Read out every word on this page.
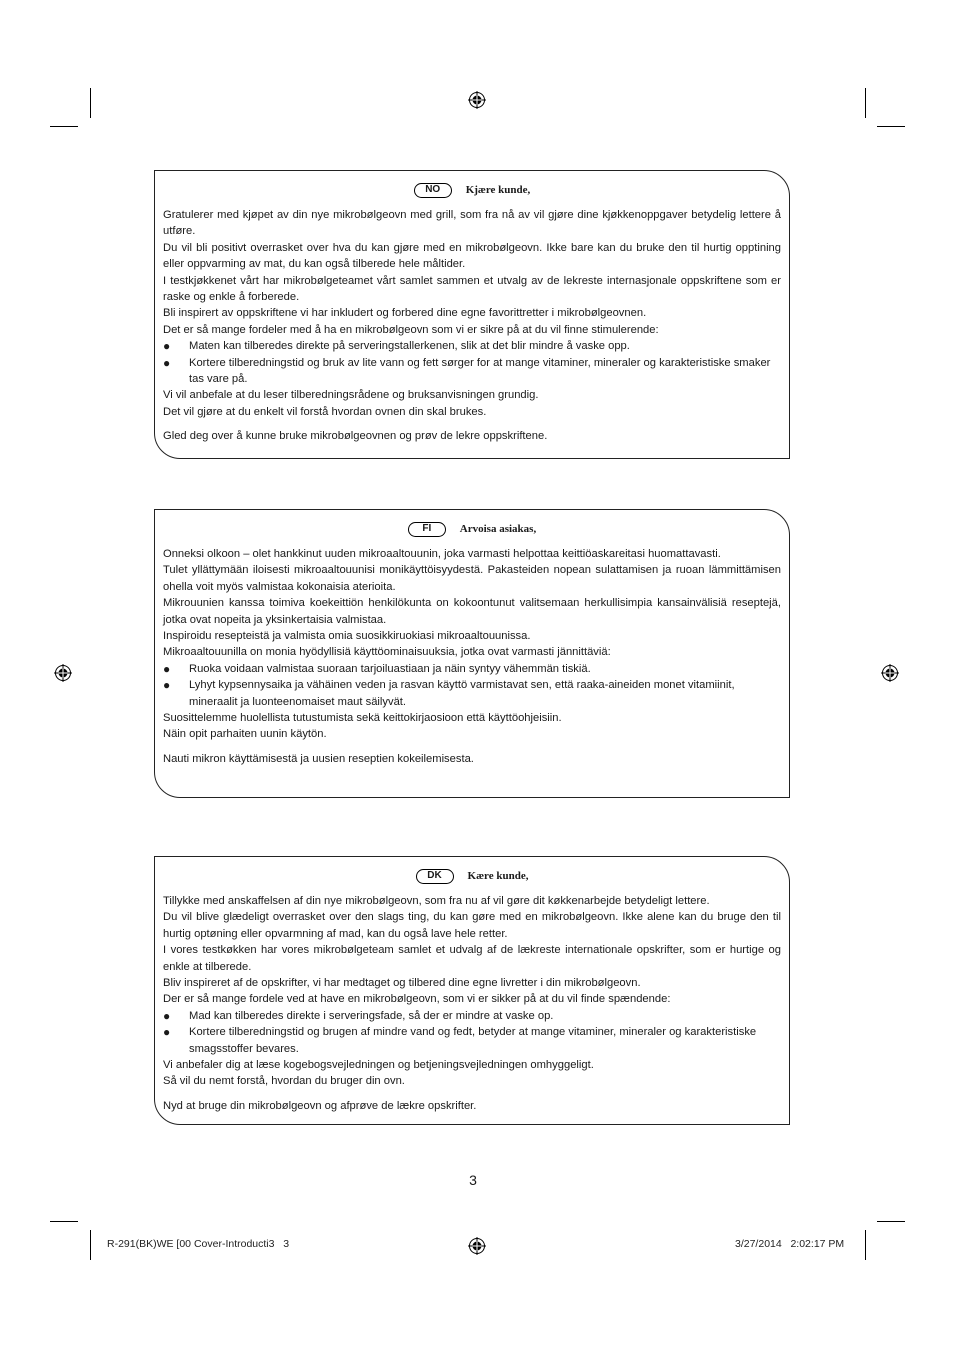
NO	Kjære kunde,

Gratulerer med kjøpet av din nye mikrobølgeovn med grill, som fra nå av vil gjøre dine kjøkkenoppgaver betydelig lettere å utføre.

Du vil bli positivt overrasket over hva du kan gjøre med en mikrobølgeovn. Ikke bare kan du bruke den til hurtig opptining eller oppvarming av mat, du kan også tilberede hele måltider.

I testkjøkkenet vårt har mikrobølgeteamet vårt samlet sammen et utvalg av de lekreste internasjonale oppskriftene som er raske og enkle å forberede.

Bli inspirert av oppskriftene vi har inkludert og forbered dine egne favorittretter i mikrobølgeovnen.

Det er så mange fordeler med å ha en mikrobølgeovn som vi er sikre på at du vil finne stimulerende:

●	Maten kan tilberedes direkte på serveringstallerkenen, slik at det blir mindre å vaske opp.
●	Kortere tilberedningstid og bruk av lite vann og fett sørger for at mange vitaminer, mineraler og karakteristiske smaker tas vare på.

Vi vil anbefale at du leser tilberedningsrådene og bruksanvisningen grundig.

Det vil gjøre at du enkelt vil forstå hvordan ovnen din skal brukes.

Gled deg over å kunne bruke mikrobølgeovnen og prøv de lekre oppskriftene.

FI	Arvoisa asiakas,

Onneksi olkoon – olet hankkinut uuden mikroaaltouunin, joka varmasti helpottaa keittiöaskareitasi huomattavasti.

Tulet yllättymään iloisesti mikroaaltouunisi monikäyttöisyydestä. Pakasteiden nopean sulattamisen ja ruoan lämmittämisen ohella voit myös valmistaa kokonaisia aterioita.

Mikrouunien kanssa toimiva koekeittiön henkilökunta on kokoontunut valitsemaan herkullisimpia kansainvälisiä reseptejä, jotka ovat nopeita ja yksinkertaisia valmistaa.

Inspiroidu resepteistä ja valmista omia suosikkiruokiasi mikroaaltouunissa.

Mikroaaltouunilla on monia hyödyllisiä käyttöominaisuuksia, jotka ovat varmasti jännittäviä:

●	Ruoka voidaan valmistaa suoraan tarjoiluastiaan ja näin syntyy vähemmän tiskiä.
●	Lyhyt kypsennysaika ja vähäinen veden ja rasvan käyttö varmistavat sen, että raaka-aineiden monet vitamiinit, mineraalit ja luonteenomaiset maut säilyvät.

Suosittelemme huolellista tutustumista sekä keittokirjaosioon että käyttöohjeisiin.

Näin opit parhaiten uunin käytön.

Nauti mikron käyttämisestä ja uusien reseptien kokeilemisesta.

DK	Kære kunde,

Tillykke med anskaffelsen af din nye mikrobølgeovn, som fra nu af vil gøre dit køkkenarbejde betydeligt lettere.

Du vil blive glædeligt overrasket over den slags ting, du kan gøre med en mikrobølgeovn. Ikke alene kan du bruge den til hurtig optøning eller opvarmning af mad, kan du også lave hele retter.

I vores testkøkken har vores mikrobølgeteam samlet et udvalg af de lækreste internationale opskrifter, som er hurtige og enkle at tilberede.

Bliv inspireret af de opskrifter, vi har medtaget og tilbered dine egne livretter i din mikrobølgeovn.

Der er så mange fordele ved at have en mikrobølgeovn, som vi er sikker på at du vil finde spændende:

●	Mad kan tilberedes direkte i serveringsfade, så der er mindre at vaske op.
●	Kortere tilberedningstid og brugen af mindre vand og fedt, betyder at mange vitaminer, mineraler og karakteristiske smagsstoffer bevares.

Vi anbefaler dig at læse kogebogsvejledningen og betjeningsvejledningen omhyggeligt.

Så vil du nemt forstå, hvordan du bruger din ovn.

Nyd at bruge din mikrobølgeovn og afprøve de lækre opskrifter.

3
R-291(BK)WE [00 Cover-Introducti3   3	3/27/2014   2:02:17 PM
